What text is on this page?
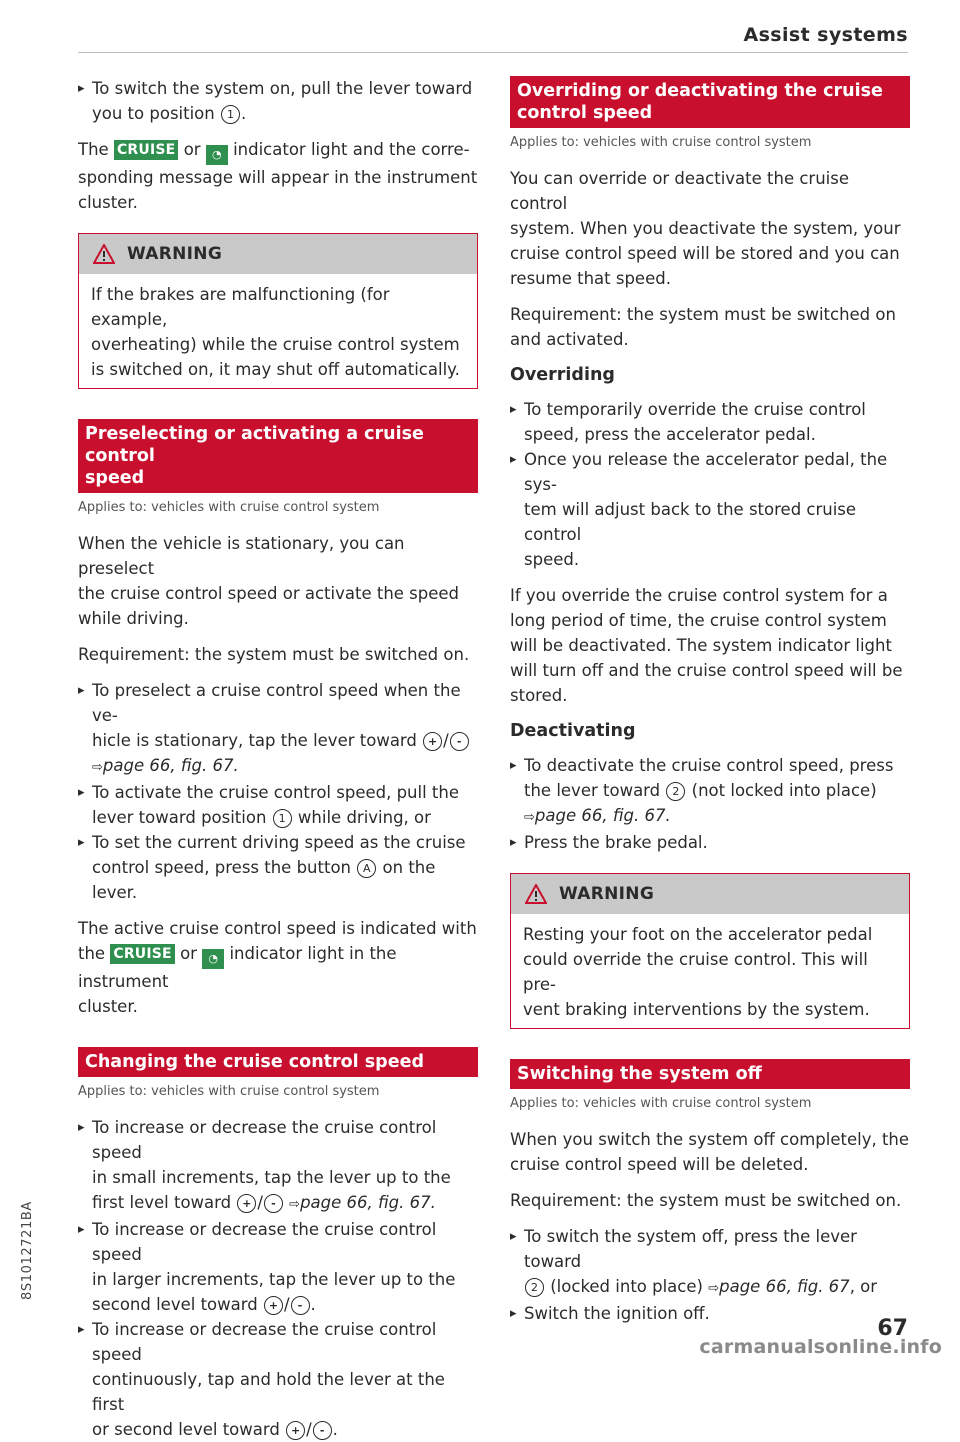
Assist systems

▸ To switch the system on, pull the lever toward
you to position 1 .

The CRUISE or ◔ indicator light and the corre-
sponding message will appear in the instrument
cluster.

WARNING

If the brakes are malfunctioning (for example,
overheating) while the cruise control system
is switched on, it may shut off automatically.

Preselecting or activating a cruise control
speed
Applies to: vehicles with cruise control system

When the vehicle is stationary, you can preselect
the cruise control speed or activate the speed
while driving.

Requirement: the system must be switched on.

▸ To preselect a cruise control speed when the ve-
hicle is stationary, tap the lever toward + / -
⇨page 66, fig. 67.

▸ To activate the cruise control speed, pull the
lever toward position 1 while driving, or

▸ To set the current driving speed as the cruise
control speed, press the button A on the lever.

The active cruise control speed is indicated with
the CRUISE or ◔ indicator light in the instrument
cluster.

Changing the cruise control speed
Applies to: vehicles with cruise control system

▸ To increase or decrease the cruise control speed
in small increments, tap the lever up to the
first level toward + / - ⇨page 66, fig. 67.

▸ To increase or decrease the cruise control speed
in larger increments, tap the lever up to the
second level toward + / - .

▸ To increase or decrease the cruise control speed
continuously, tap and hold the lever at the first
or second level toward + / - .

Overriding or deactivating the cruise
control speed
Applies to: vehicles with cruise control system

You can override or deactivate the cruise control
system. When you deactivate the system, your
cruise control speed will be stored and you can
resume that speed.

Requirement: the system must be switched on
and activated.

Overriding

▸ To temporarily override the cruise control
speed, press the accelerator pedal.

▸ Once you release the accelerator pedal, the sys-
tem will adjust back to the stored cruise control
speed.

If you override the cruise control system for a
long period of time, the cruise control system
will be deactivated. The system indicator light
will turn off and the cruise control speed will be
stored.

Deactivating

▸ To deactivate the cruise control speed, press
the lever toward 2 (not locked into place)
⇨page 66, fig. 67.

▸ Press the brake pedal.

WARNING

Resting your foot on the accelerator pedal
could override the cruise control. This will pre-
vent braking interventions by the system.

Switching the system off
Applies to: vehicles with cruise control system

When you switch the system off completely, the
cruise control speed will be deleted.

Requirement: the system must be switched on.

▸ To switch the system off, press the lever toward
2 (locked into place) ⇨page 66, fig. 67, or

▸ Switch the ignition off.

8S1012721BA
67
carmanualsonline.info
